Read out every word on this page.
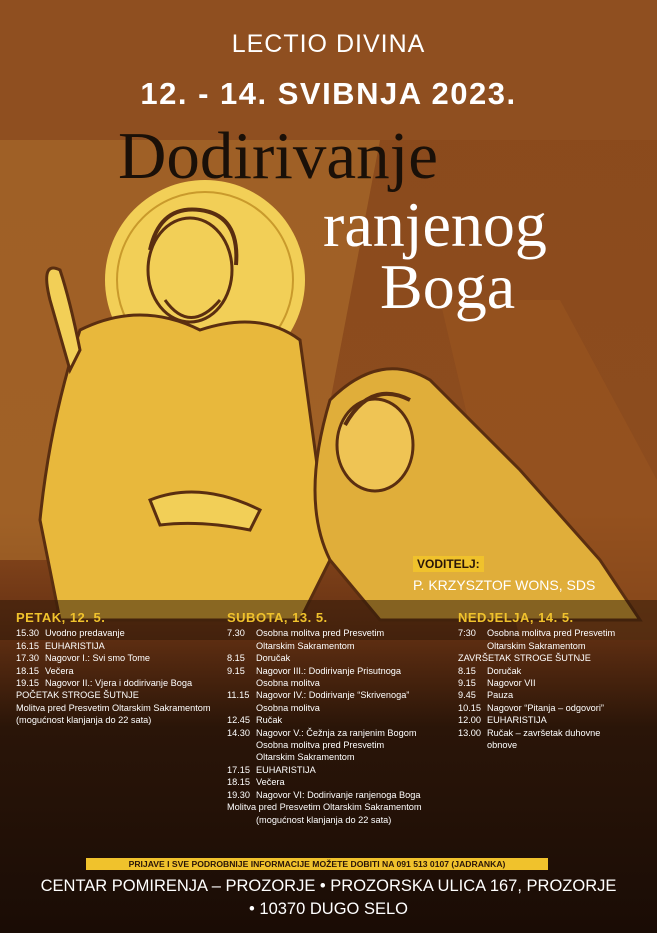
LECTIO DIVINA
12. - 14. SVIBNJA 2023.
Dodirivanje
ranjenog
Boga
VODITELJ:
P. KRZYSZTOF WONS, SDS
PETAK, 12. 5.
15.30 Uvodno predavanje
16.15 EUHARISTIJA
17.30 Nagovor I.: Svi smo Tome
18.15 Večera
19.15 Nagovor II.: Vjera i dodirivanje Boga
POČETAK STROGE ŠUTNJE
Molitva pred Presvetim Oltarskim Sakramentom
(mogućnost klanjanja do 22 sata)
SUBOTA, 13. 5.
7.30	Osobna molitva pred Presvetim
Oltarskim Sakramentom
8.15	Doručak
9.15	Nagovor III.: Dodirivanje Prisutnoga
Osobna molitva
11.15 Nagovor IV.: Dodirivanje “Skrivenoga”
Osobna molitva
12.45 Ručak
14.30 Nagovor V.: Čežnja za ranjenim Bogom
Osobna molitva pred Presvetim
Oltarskim Sakramentom
17.15 EUHARISTIJA
18.15 Večera
19.30 Nagovor VI: Dodirivanje ranjenoga Boga
Molitva pred Presvetim Oltarskim Sakramentom
(mogućnost klanjanja do 22 sata)
NEDJELJA, 14. 5.
7:30	Osobna molitva pred Presvetim
Oltarskim Sakramentom
ZAVRŠETAK STROGE ŠUTNJE
8.15	Doručak
9.15	Nagovor VII
9.45	Pauza
10.15 Nagovor “Pitanja – odgovori”
12.00 EUHARISTIJA
13.00 Ručak – završetak duhovne
obnove
PRIJAVE I SVE PODROBNIJE INFORMACIJE MOŽETE DOBITI NA 091 513 0107 (JADRANKA)
CENTAR POMIRENJA – PROZORJE • PROZORSKA ULICA 167, PROZORJE
• 10370 DUGO SELO
